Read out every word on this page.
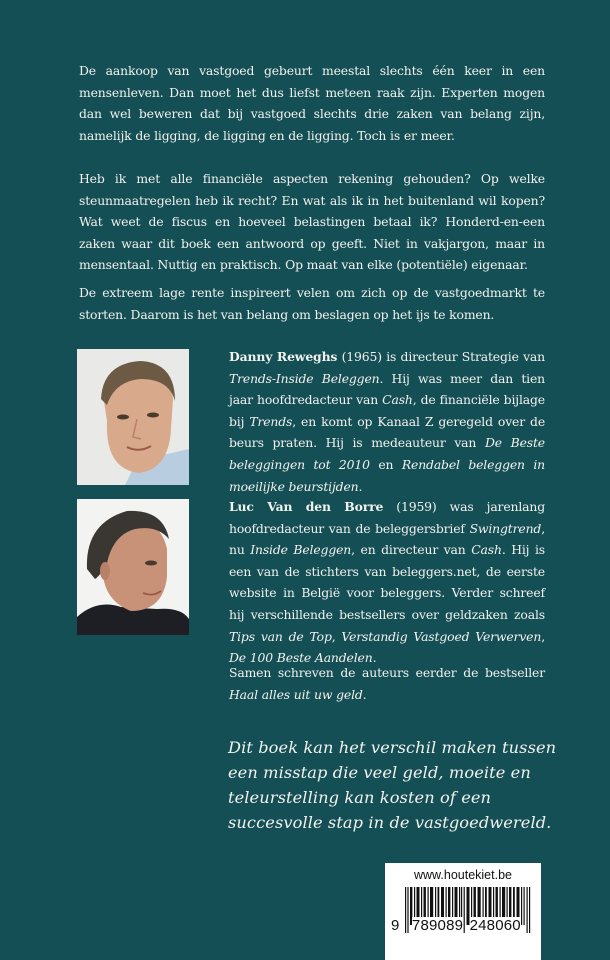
De aankoop van vastgoed gebeurt meestal slechts één keer in een mensenleven. Dan moet het dus liefst meteen raak zijn. Experten mogen dan wel beweren dat bij vastgoed slechts drie zaken van belang zijn, namelijk de ligging, de ligging en de ligging. Toch is er meer.

Heb ik met alle financiële aspecten rekening gehouden? Op welke steunmaatregelen heb ik recht? En wat als ik in het buitenland wil kopen? Wat weet de fiscus en hoeveel belastingen betaal ik? Honderd-en-een zaken waar dit boek een antwoord op geeft. Niet in vakjargon, maar in mensentaal. Nuttig en praktisch. Op maat van elke (potentiële) eigenaar.

De extreem lage rente inspireert velen om zich op de vastgoedmarkt te storten. Daarom is het van belang om beslagen op het ijs te komen.

Danny Reweghs (1965) is directeur Strategie van Trends-Inside Beleggen. Hij was meer dan tien jaar hoofdredacteur van Cash, de financiële bijlage bij Trends, en komt op Kanaal Z geregeld over de beurs praten. Hij is medeauteur van De Beste beleggingen tot 2010 en Rendabel beleggen in moeilijke beurstijden.
Luc Van den Borre (1959) was jarenlang hoofdredacteur van de beleggersbrief Swingtrend, nu Inside Beleggen, en directeur van Cash. Hij is een van de stichters van beleggers.net, de eerste website in België voor beleggers. Verder schreef hij verschillende bestsellers over geldzaken zoals Tips van de Top, Verstandig Vastgoed Verwerven, De 100 Beste Aandelen.
Samen schreven de auteurs eerder de bestseller Haal alles uit uw geld.

Dit boek kan het verschil maken tussen een misstap die veel geld, moeite en teleurstelling kan kosten of een succesvolle stap in de vastgoedwereld.

www.houtekiet.be
9 789089 248060
